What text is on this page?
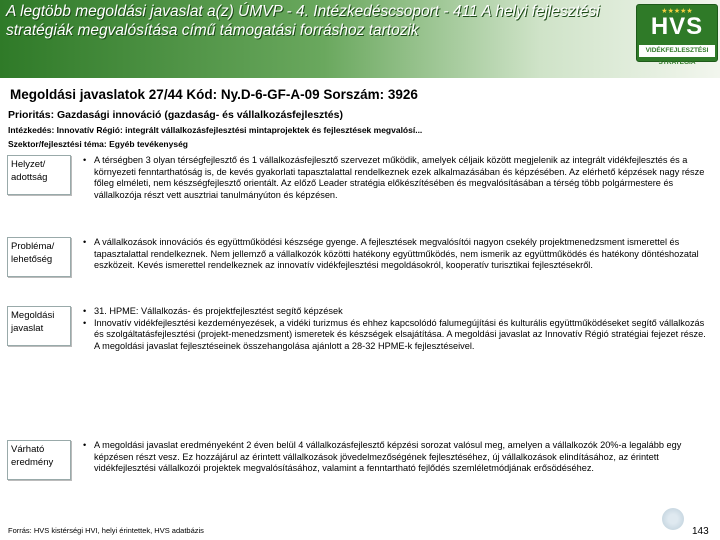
A legtöbb megoldási javaslat a(z) ÚMVP - 4. Intézkedéscsoport - 411 A helyi fejlesztési stratégiák megvalósítása című támogatási forráshoz tartozik
★★★★★
HVS
VIDÉKFEJLESZTÉSI STRATÉGIA
Megoldási javaslatok 27/44 Kód: Ny.D-6-GF-A-09 Sorszám: 3926
Prioritás: Gazdasági innováció (gazdaság- és vállalkozásfejlesztés)
Intézkedés: Innovatív Régió: integrált vállalkozásfejlesztési mintaprojektek és fejlesztések megvalósí...
Szektor/fejlesztési téma: Egyéb tevékenység
Helyzet/ adottság
• A térségben 3 olyan térségfejlesztő és 1 vállalkozásfejlesztő szervezet működik, amelyek céljaik között megjelenik az integrált vidékfejlesztés és a környezeti fenntarthatóság is, de kevés gyakorlati tapasztalattal rendelkeznek ezek alkalmazásában és képzésében. Az elérhető képzések nagy része főleg elméleti, nem készségfejlesztő orientált. Az előző Leader stratégia előkészítésében és megvalósításában a térség több polgármestere és vállalkozója részt vett ausztriai tanulmányúton és képzésen.
Probléma/ lehetőség
• A vállalkozások innovációs és együttműködési készsége gyenge. A fejlesztések megvalósítói nagyon csekély projektmenedzsment ismerettel és tapasztalattal rendelkeznek. Nem jellemző a vállalkozók közötti hatékony együttműködés, nem ismerik az együttműködés és hatékony döntéshozatal eszközeit. Kevés ismerettel rendelkeznek az innovatív vidékfejlesztési megoldásokról, kooperatív turisztikai fejlesztésekről.
Megoldási javaslat
• 31. HPME: Vállalkozás- és projektfejlesztést segítő képzések
• Innovatív vidékfejlesztési kezdeményezések, a vidéki turizmus és ehhez kapcsolódó falumegújítási és kulturális együttműködéseket segítő vállalkozás és szolgáltatásfejlesztési (projekt-menedzsment) ismeretek és készségek elsajátítása. A megoldási javaslat az Innovatív Régió stratégiai fejezet része. A megoldási javaslat fejlesztéseinek összehangolása ajánlott a 28-32 HPME-k fejlesztéseivel.
Várható eredmény
• A megoldási javaslat eredményeként 2 éven belül 4 vállalkozásfejlesztő képzési sorozat valósul meg, amelyen a vállalkozók 20%-a legalább egy képzésen részt vesz. Ez hozzájárul az érintett vállalkozások jövedelmezőségének fejlesztéséhez, új vállalkozások elindításához, az érintett vidékfejlesztési vállalkozói projektek megvalósításához, valamint a fenntartható fejlődés szemléletmódjának erősödéséhez.
Forrás: HVS kistérségi HVI, helyi érintettek, HVS adatbázis	143
